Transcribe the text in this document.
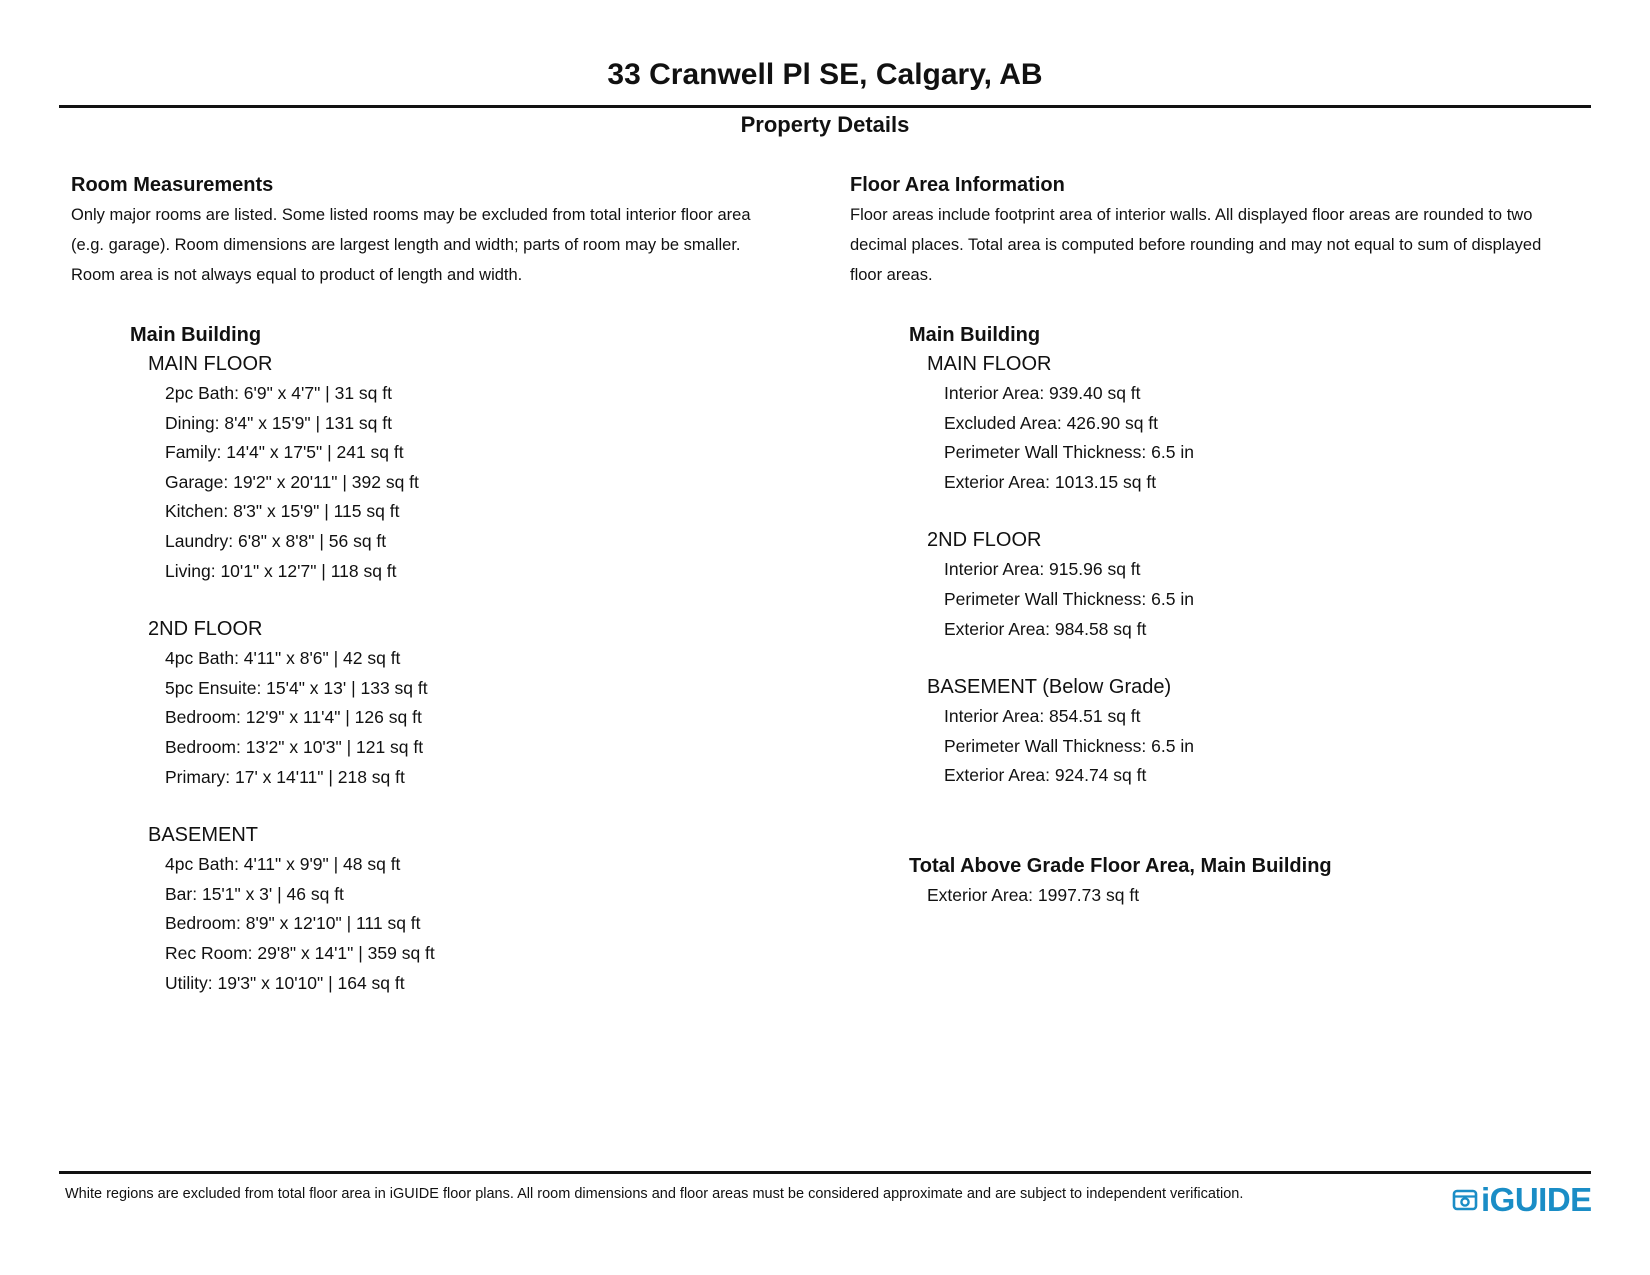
33 Cranwell Pl SE, Calgary, AB
Property Details
Room Measurements
Only major rooms are listed. Some listed rooms may be excluded from total interior floor area
(e.g. garage). Room dimensions are largest length and width; parts of room may be smaller.
Room area is not always equal to product of length and width.
Main Building
MAIN FLOOR
2pc Bath: 6'9" x 4'7" | 31 sq ft
Dining: 8'4" x 15'9" | 131 sq ft
Family: 14'4" x 17'5" | 241 sq ft
Garage: 19'2" x 20'11" | 392 sq ft
Kitchen: 8'3" x 15'9" | 115 sq ft
Laundry: 6'8" x 8'8" | 56 sq ft
Living: 10'1" x 12'7" | 118 sq ft
2ND FLOOR
4pc Bath: 4'11" x 8'6" | 42 sq ft
5pc Ensuite: 15'4" x 13' | 133 sq ft
Bedroom: 12'9" x 11'4" | 126 sq ft
Bedroom: 13'2" x 10'3" | 121 sq ft
Primary: 17' x 14'11" | 218 sq ft
BASEMENT
4pc Bath: 4'11" x 9'9" | 48 sq ft
Bar: 15'1" x 3' | 46 sq ft
Bedroom: 8'9" x 12'10" | 111 sq ft
Rec Room: 29'8" x 14'1" | 359 sq ft
Utility: 19'3" x 10'10" | 164 sq ft
Floor Area Information
Floor areas include footprint area of interior walls. All displayed floor areas are rounded to two
decimal places. Total area is computed before rounding and may not equal to sum of displayed
floor areas.
Main Building
MAIN FLOOR
Interior Area: 939.40 sq ft
Excluded Area: 426.90 sq ft
Perimeter Wall Thickness: 6.5 in
Exterior Area: 1013.15 sq ft
2ND FLOOR
Interior Area: 915.96 sq ft
Perimeter Wall Thickness: 6.5 in
Exterior Area: 984.58 sq ft
BASEMENT (Below Grade)
Interior Area: 854.51 sq ft
Perimeter Wall Thickness: 6.5 in
Exterior Area: 924.74 sq ft
Total Above Grade Floor Area, Main Building
Exterior Area: 1997.73 sq ft
White regions are excluded from total floor area in iGUIDE floor plans. All room dimensions and floor areas must be considered approximate and are subject to independent verification.	iGUIDE
